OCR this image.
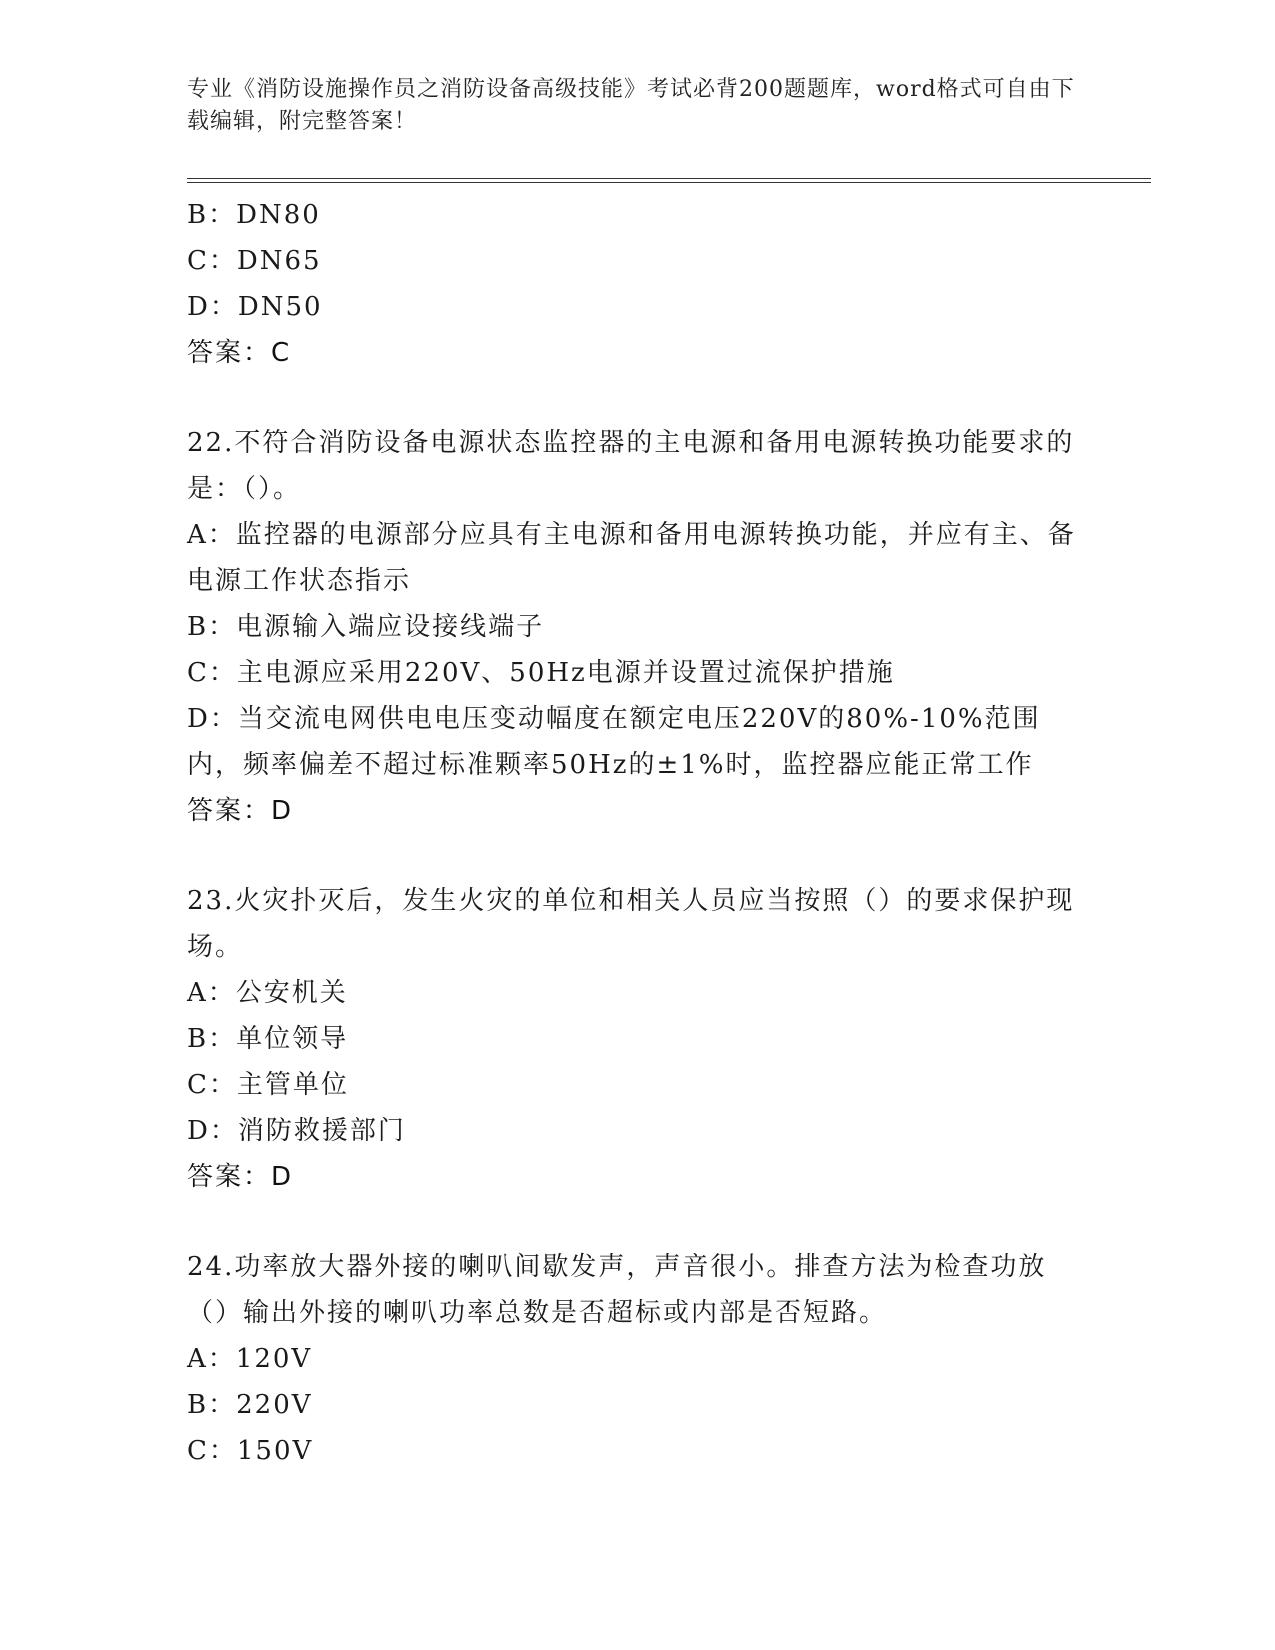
专业《消防设施操作员之消防设备高级技能》考试必背200题题库，word格式可自由下载编辑，附完整答案！
B：DN80
C：DN65
D：DN50
答案：C
22.不符合消防设备电源状态监控器的主电源和备用电源转换功能要求的是：（）。
A：监控器的电源部分应具有主电源和备用电源转换功能，并应有主、备电源工作状态指示
B：电源输入端应设接线端子
C：主电源应采用220V、50Hz电源并设置过流保护措施
D：当交流电网供电电压变动幅度在额定电压220V的80%-10%范围内，频率偏差不超过标准颗率50Hz的±1%时，监控器应能正常工作
答案：D
23.火灾扑灭后，发生火灾的单位和相关人员应当按照（）的要求保护现场。
A：公安机关
B：单位领导
C：主管单位
D：消防救援部门
答案：D
24.功率放大器外接的喇叭间歇发声，声音很小。排查方法为检查功放（）输出外接的喇叭功率总数是否超标或内部是否短路。
A：120V
B：220V
C：150V
